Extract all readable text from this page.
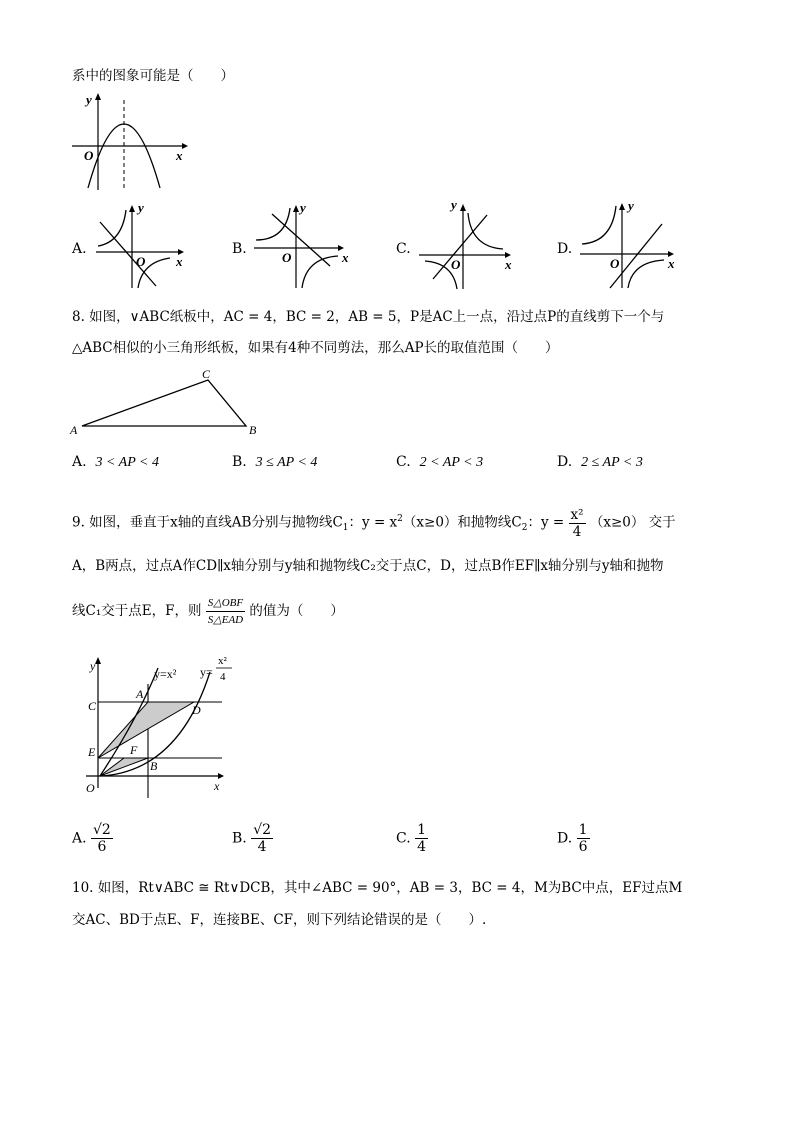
系中的图象可能是（　　）
y
x
O
A.
y
x
O
B.
y
x
O
C.
y
x
O
D.
y
x
O
8. 如图，∨ABC纸板中，AC = 4，BC = 2，AB = 5，P是AC上一点，沿过点P的直线剪下一个与
△ABC相似的小三角形纸板，如果有4种不同剪法，那么AP长的取值范围（　　）
A	B
C
A. 3 < AP < 4	B. 3 ≤ AP < 4	C. 2 < AP < 3	D. 2 ≤ AP < 3
9. 如图，垂直于x轴的直线AB分别与抛物线$C_1$：$y = x^2(x\ge 0)$和抛物线$C_2$：$y = \frac{\text{x²}}{4} (x\ge 0)$ 交于
A，B两点，过点A作CD∥x轴分别与y轴和抛物线C₂交于点C，D，过点B作EF∥x轴分别与y轴和抛物
线C₁交于点E，F，则 $\frac{\text{S△OBF}}{\text{S△EAD}}$ 的值为（　　）
y
x
O
C
E
A
D
F
B
y=x² y=
x²
4
A. $\frac{√2}{6}$	B. $\frac{√2}{4}$	C. $\frac{1}{4}$	D. $\frac{1}{6}$
10. 如图，Rt∨ABC ≅ Rt∨DCB，其中∠ABC = 90°，AB = 3，BC = 4，M为BC中点，EF过点M
交AC、BD于点E、F，连接BE、CF，则下列结论错误的是（　　）.
